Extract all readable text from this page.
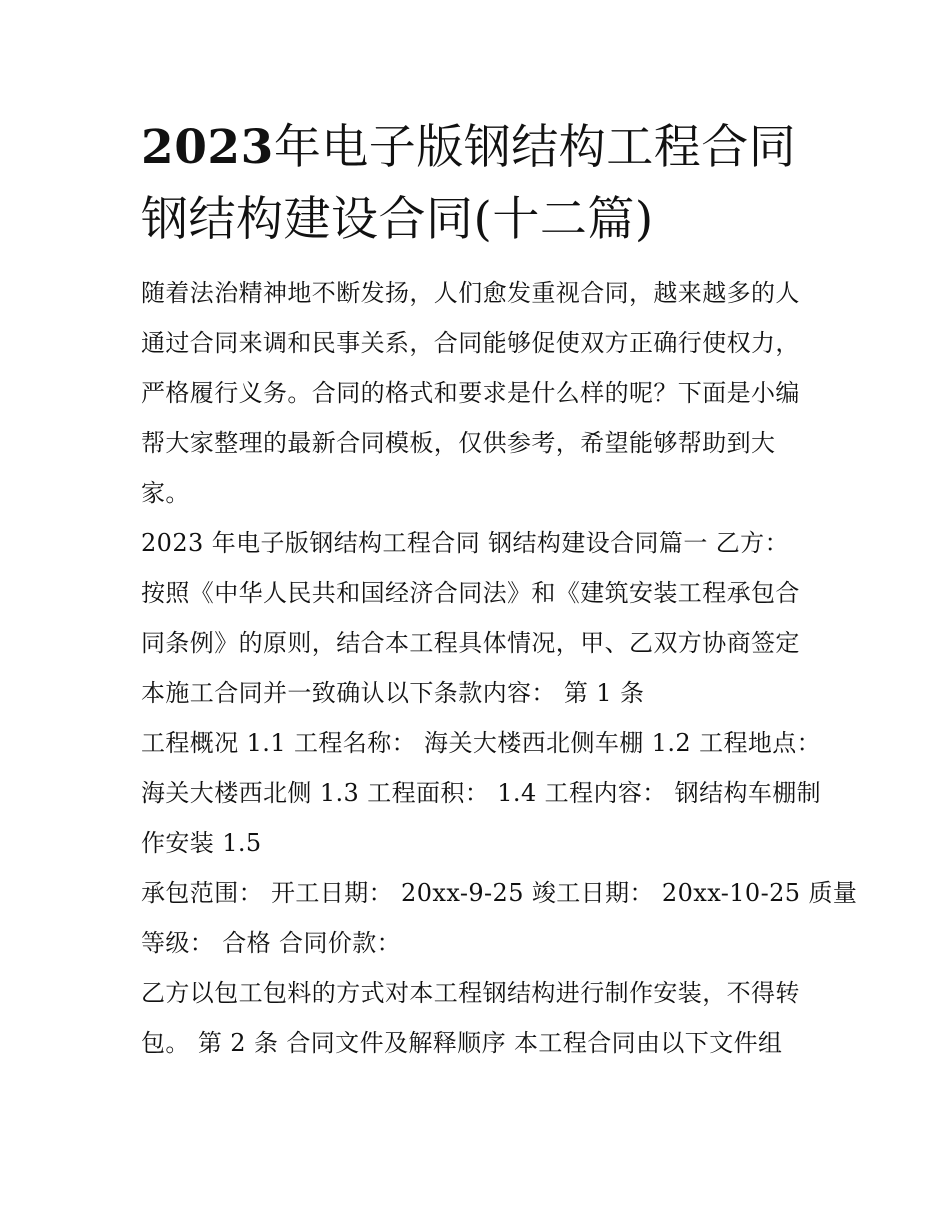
2023年电子版钢结构工程合同
钢结构建设合同(十二篇)
随着法治精神地不断发扬，人们愈发重视合同，越来越多的人
通过合同来调和民事关系，合同能够促使双方正确行使权力，
严格履行义务。合同的格式和要求是什么样的呢？下面是小编
帮大家整理的最新合同模板，仅供参考，希望能够帮助到大
家。
2023 年电子版钢结构工程合同 钢结构建设合同篇一 乙方：
按照《中华人民共和国经济合同法》和《建筑安装工程承包合
同条例》的原则，结合本工程具体情况，甲、乙双方协商签定
本施工合同并一致确认以下条款内容： 第 1 条
工程概况 1.1 工程名称： 海关大楼西北侧车棚 1.2 工程地点：
海关大楼西北侧 1.3 工程面积： 1.4 工程内容： 钢结构车棚制
作安装 1.5
承包范围： 开工日期： 20xx-9-25 竣工日期： 20xx-10-25 质量
等级： 合格 合同价款：
乙方以包工包料的方式对本工程钢结构进行制作安装，不得转
包。 第 2 条 合同文件及解释顺序 本工程合同由以下文件组
